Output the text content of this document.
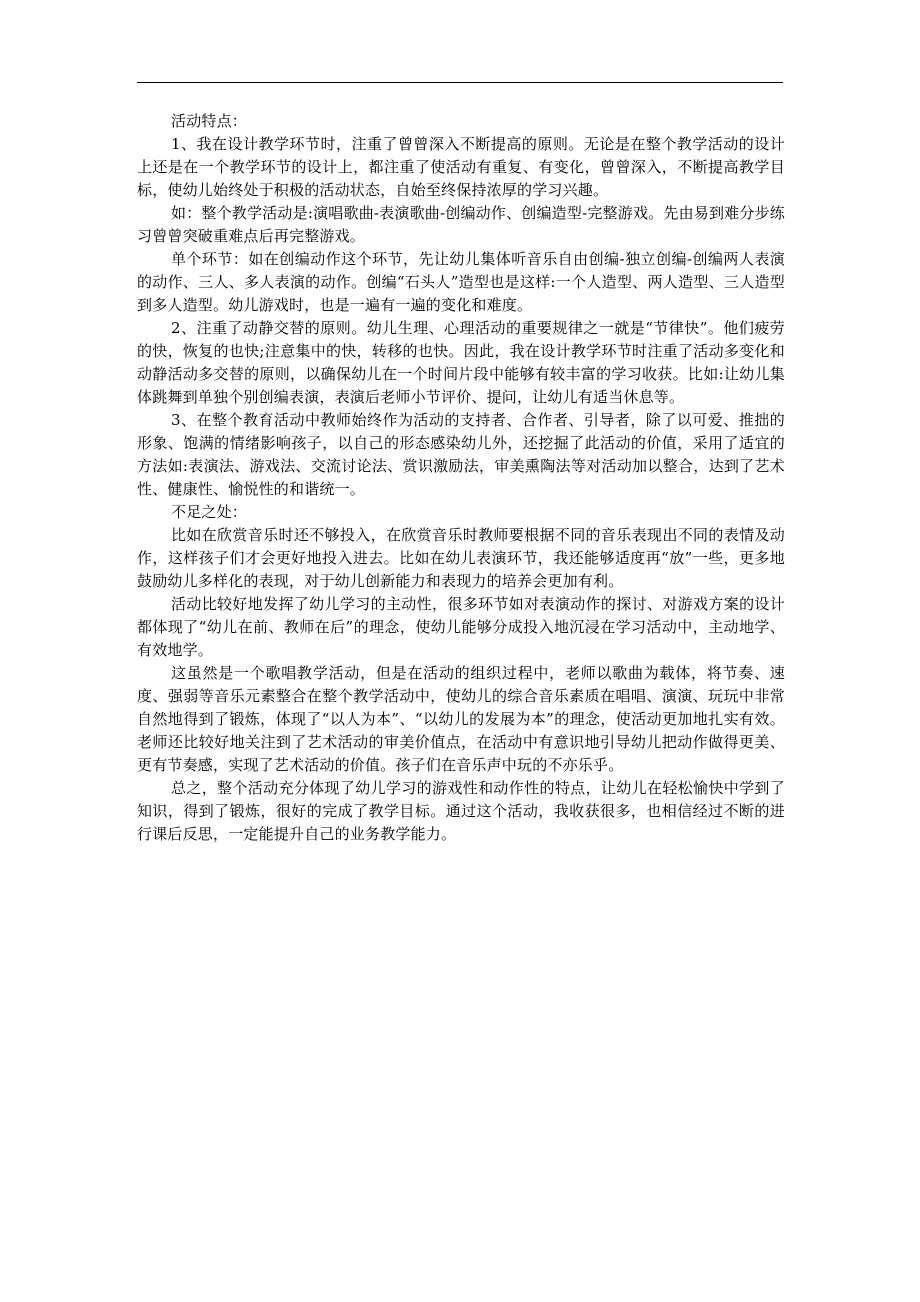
活动特点：

1、我在设计教学环节时，注重了曾曾深入不断提高的原则。无论是在整个教学活动的设计上还是在一个教学环节的设计上，都注重了使活动有重复、有变化，曾曾深入，不断提高教学目标，使幼儿始终处于积极的活动状态，自始至终保持浓厚的学习兴趣。

如：整个教学活动是:演唱歌曲-表演歌曲-创编动作、创编造型-完整游戏。先由易到难分步练习曾曾突破重难点后再完整游戏。

单个环节：如在创编动作这个环节，先让幼儿集体听音乐自由创编-独立创编-创编两人表演的动作、三人、多人表演的动作。创编“石头人”造型也是这样:一个人造型、两人造型、三人造型到多人造型。幼儿游戏时，也是一遍有一遍的变化和难度。

2、注重了动静交替的原则。幼儿生理、心理活动的重要规律之一就是“节律快”。他们疲劳的快，恢复的也快;注意集中的快，转移的也快。因此，我在设计教学环节时注重了活动多变化和动静活动多交替的原则，以确保幼儿在一个时间片段中能够有较丰富的学习收获。比如:让幼儿集体跳舞到单独个别创编表演，表演后老师小节评价、提问，让幼儿有适当休息等。

3、在整个教育活动中教师始终作为活动的支持者、合作者、引导者，除了以可爱、推拙的形象、饱满的情绪影响孩子，以自己的形态感染幼儿外，还挖掘了此活动的价值，采用了适宜的方法如:表演法、游戏法、交流讨论法、赏识激励法，审美熏陶法等对活动加以整合，达到了艺术性、健康性、愉悦性的和谐统一。

不足之处：

比如在欣赏音乐时还不够投入，在欣赏音乐时教师要根据不同的音乐表现出不同的表情及动作，这样孩子们才会更好地投入进去。比如在幼儿表演环节，我还能够适度再“放”一些，更多地鼓励幼儿多样化的表现，对于幼儿创新能力和表现力的培养会更加有利。

活动比较好地发挥了幼儿学习的主动性，很多环节如对表演动作的探讨、对游戏方案的设计都体现了“幼儿在前、教师在后”的理念，使幼儿能够分成投入地沉浸在学习活动中，主动地学、有效地学。

这虽然是一个歌唱教学活动，但是在活动的组织过程中，老师以歌曲为载体，将节奏、速度、强弱等音乐元素整合在整个教学活动中，使幼儿的综合音乐素质在唱唱、演演、玩玩中非常自然地得到了锻炼，体现了“以人为本”、“以幼儿的发展为本”的理念，使活动更加地扎实有效。老师还比较好地关注到了艺术活动的审美价值点，在活动中有意识地引导幼儿把动作做得更美、更有节奏感，实现了艺术活动的价值。孩子们在音乐声中玩的不亦乐乎。

总之，整个活动充分体现了幼儿学习的游戏性和动作性的特点，让幼儿在轻松愉快中学到了知识，得到了锻炼，很好的完成了教学目标。通过这个活动，我收获很多，也相信经过不断的进行课后反思，一定能提升自己的业务教学能力。
